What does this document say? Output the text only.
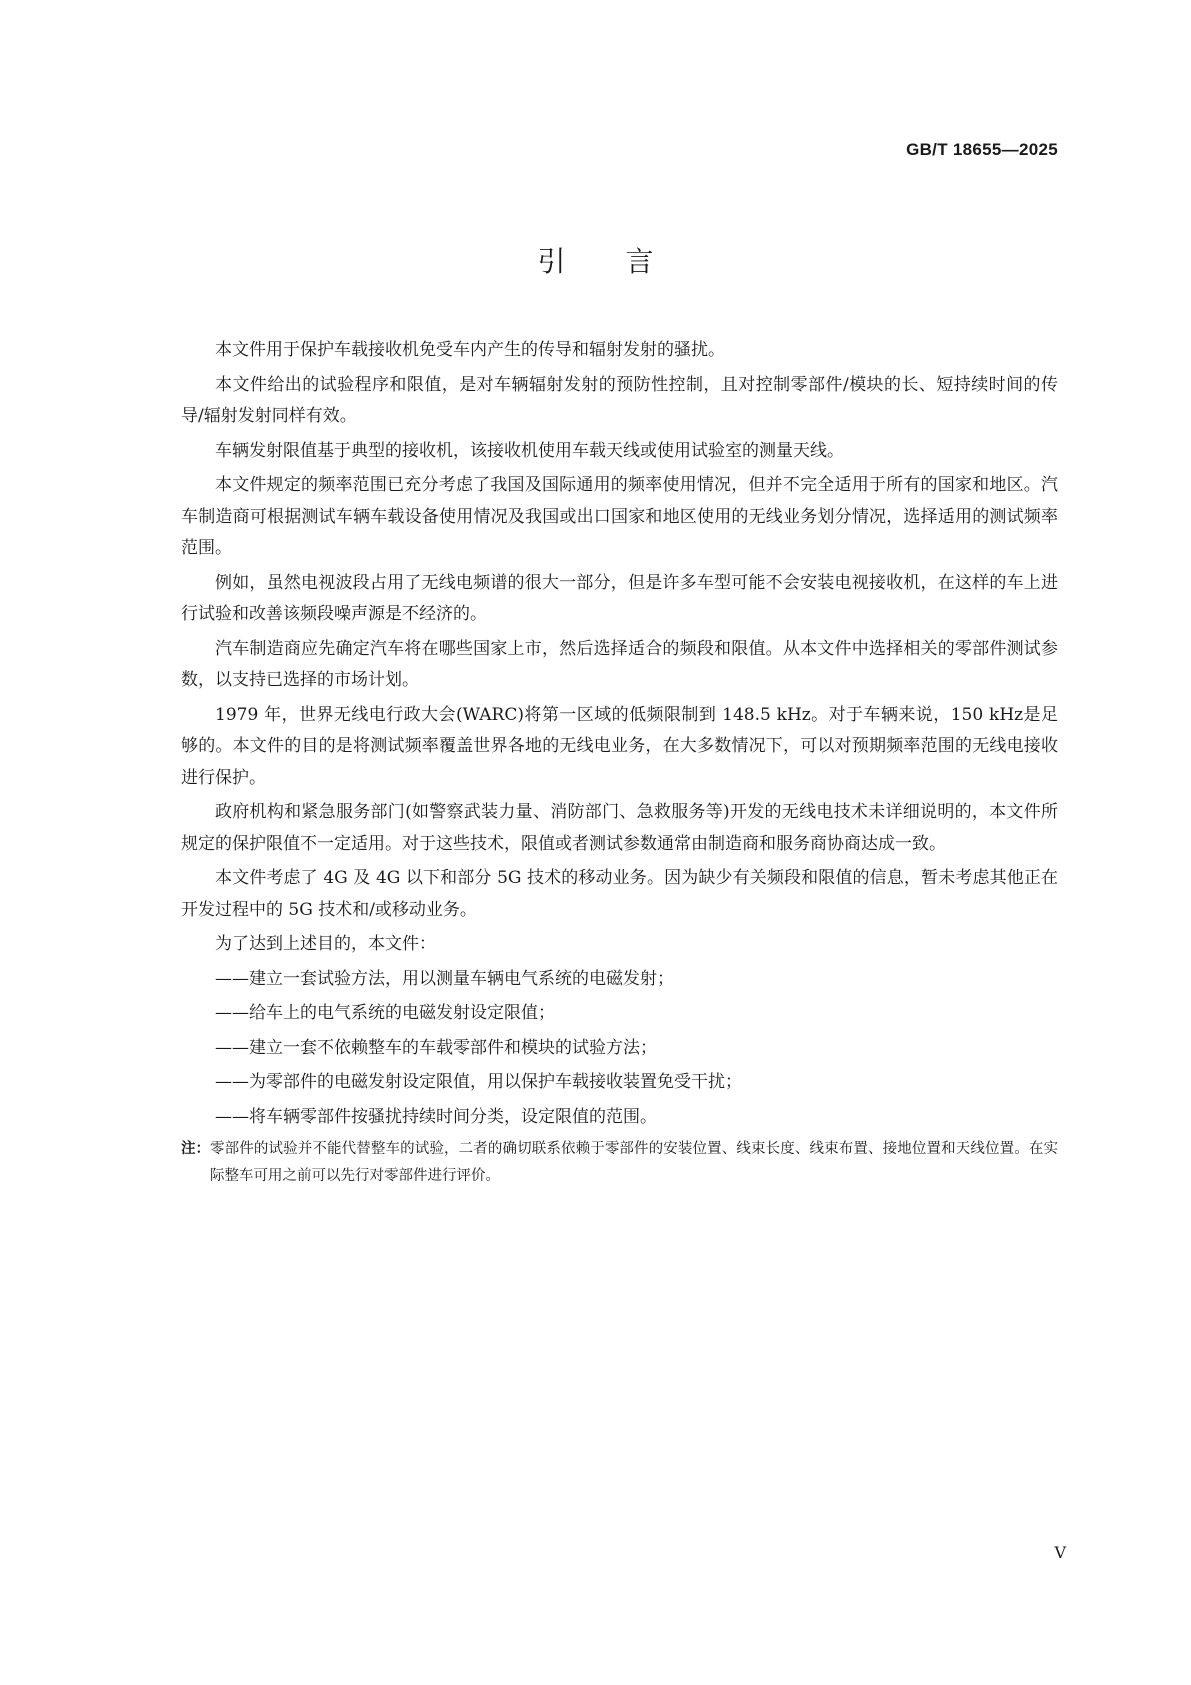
GB/T 18655—2025
引言

本文件用于保护车载接收机免受车内产生的传导和辐射发射的骚扰。

本文件给出的试验程序和限值，是对车辆辐射发射的预防性控制，且对控制零部件/模块的长、短持续时间的传导/辐射发射同样有效。

车辆发射限值基于典型的接收机，该接收机使用车载天线或使用试验室的测量天线。

本文件规定的频率范围已充分考虑了我国及国际通用的频率使用情况，但并不完全适用于所有的国家和地区。汽车制造商可根据测试车辆车载设备使用情况及我国或出口国家和地区使用的无线业务划分情况，选择适用的测试频率范围。

例如，虽然电视波段占用了无线电频谱的很大一部分，但是许多车型可能不会安装电视接收机，在这样的车上进行试验和改善该频段噪声源是不经济的。

汽车制造商应先确定汽车将在哪些国家上市，然后选择适合的频段和限值。从本文件中选择相关的零部件测试参数，以支持已选择的市场计划。

1979 年，世界无线电行政大会(WARC)将第一区域的低频限制到 148.5 kHz。对于车辆来说，150 kHz是足够的。本文件的目的是将测试频率覆盖世界各地的无线电业务，在大多数情况下，可以对预期频率范围的无线电接收进行保护。

政府机构和紧急服务部门(如警察武装力量、消防部门、急救服务等)开发的无线电技术未详细说明的，本文件所规定的保护限值不一定适用。对于这些技术，限值或者测试参数通常由制造商和服务商协商达成一致。

本文件考虑了 4G 及 4G 以下和部分 5G 技术的移动业务。因为缺少有关频段和限值的信息，暂未考虑其他正在开发过程中的 5G 技术和/或移动业务。

为了达到上述目的，本文件：

——建立一套试验方法，用以测量车辆电气系统的电磁发射；

——给车上的电气系统的电磁发射设定限值；

——建立一套不依赖整车的车载零部件和模块的试验方法；

——为零部件的电磁发射设定限值，用以保护车载接收装置免受干扰；

——将车辆零部件按骚扰持续时间分类，设定限值的范围。

注： 零部件的试验并不能代替整车的试验，二者的确切联系依赖于零部件的安装位置、线束长度、线束布置、接地位置和天线位置。在实际整车可用之前可以先行对零部件进行评价。
V
